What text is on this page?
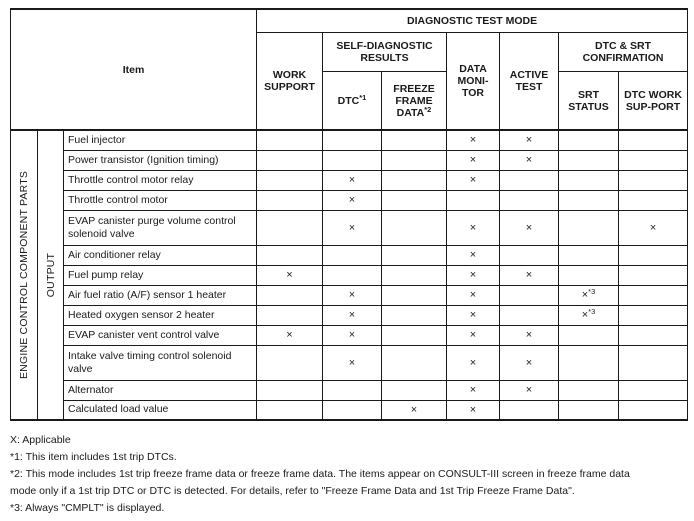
Item			DIAGNOSTIC TEST MODE						
			WORK SUPPORT	SELF-DIAGNOSTIC RESULTS		DATA MONI-TOR	ACTIVE TEST	DTC & SRT CONFIRMATION	
				DTC$^{*1}$	FREEZE FRAME DATA$^{*2}$			SRT STATUS	DTC WORK SUP-PORT

ENGINE CONTROL COMPONENT PARTS	OUTPUT	Fuel injector				×	×		
		Power transistor (Ignition timing)				×	×		
		Throttle control motor relay		×		×			
		Throttle control motor		×					
		EVAP canister purge volume control solenoid valve		×		×	×		×
		Air conditioner relay				×			
		Fuel pump relay	×			×	×		
		Air fuel ratio (A/F) sensor 1 heater		×		×		×$^{*3}$	
		Heated oxygen sensor 2 heater		×		×		×$^{*3}$	
		EVAP canister vent control valve	×	×		×	×		
		Intake valve timing control solenoid valve		×		×	×		
		Alternator				×	×		
		Calculated load value			×	×			
X: Applicable
*1: This item includes 1st trip DTCs.
*2: This mode includes 1st trip freeze frame data or freeze frame data. The items appear on CONSULT-III screen in freeze frame data
mode only if a 1st trip DTC or DTC is detected. For details, refer to "Freeze Frame Data and 1st Trip Freeze Frame Data".
*3: Always "CMPLT" is displayed.
